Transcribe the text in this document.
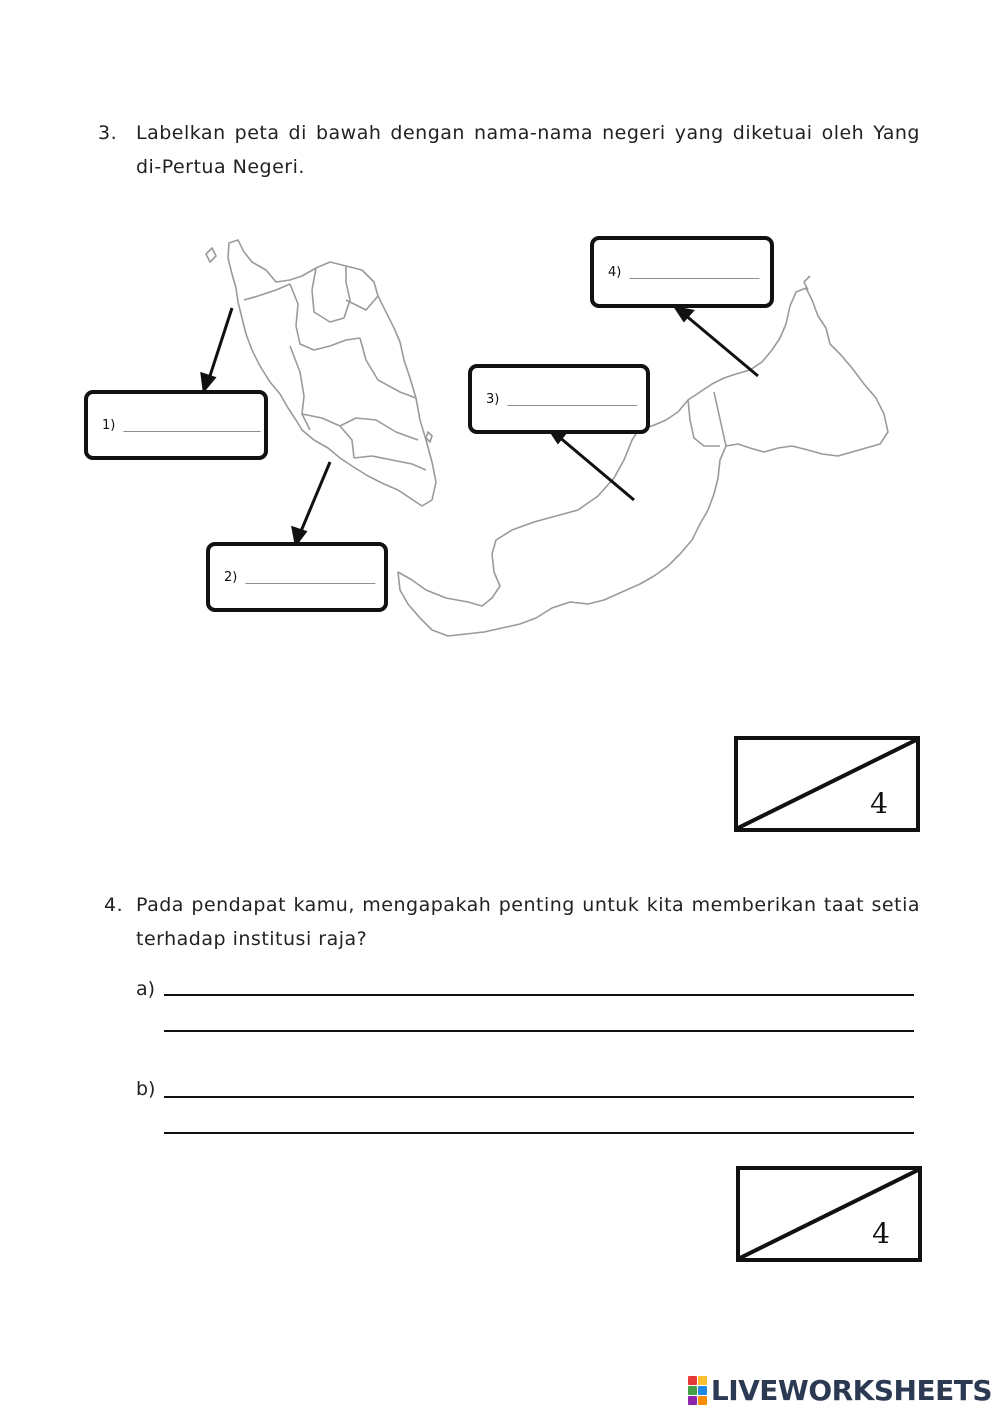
3. Labelkan peta di bawah dengan nama-nama negeri yang diketuai oleh Yang di-Pertua Negeri.
1)
___________________
2)
__________________
3)
__________________
4)
__________________
4
4. Pada pendapat kamu, mengapakah penting untuk kita memberikan taat setia terhadap institusi raja?
a)
b)
4
LIVEWORKSHEETS
